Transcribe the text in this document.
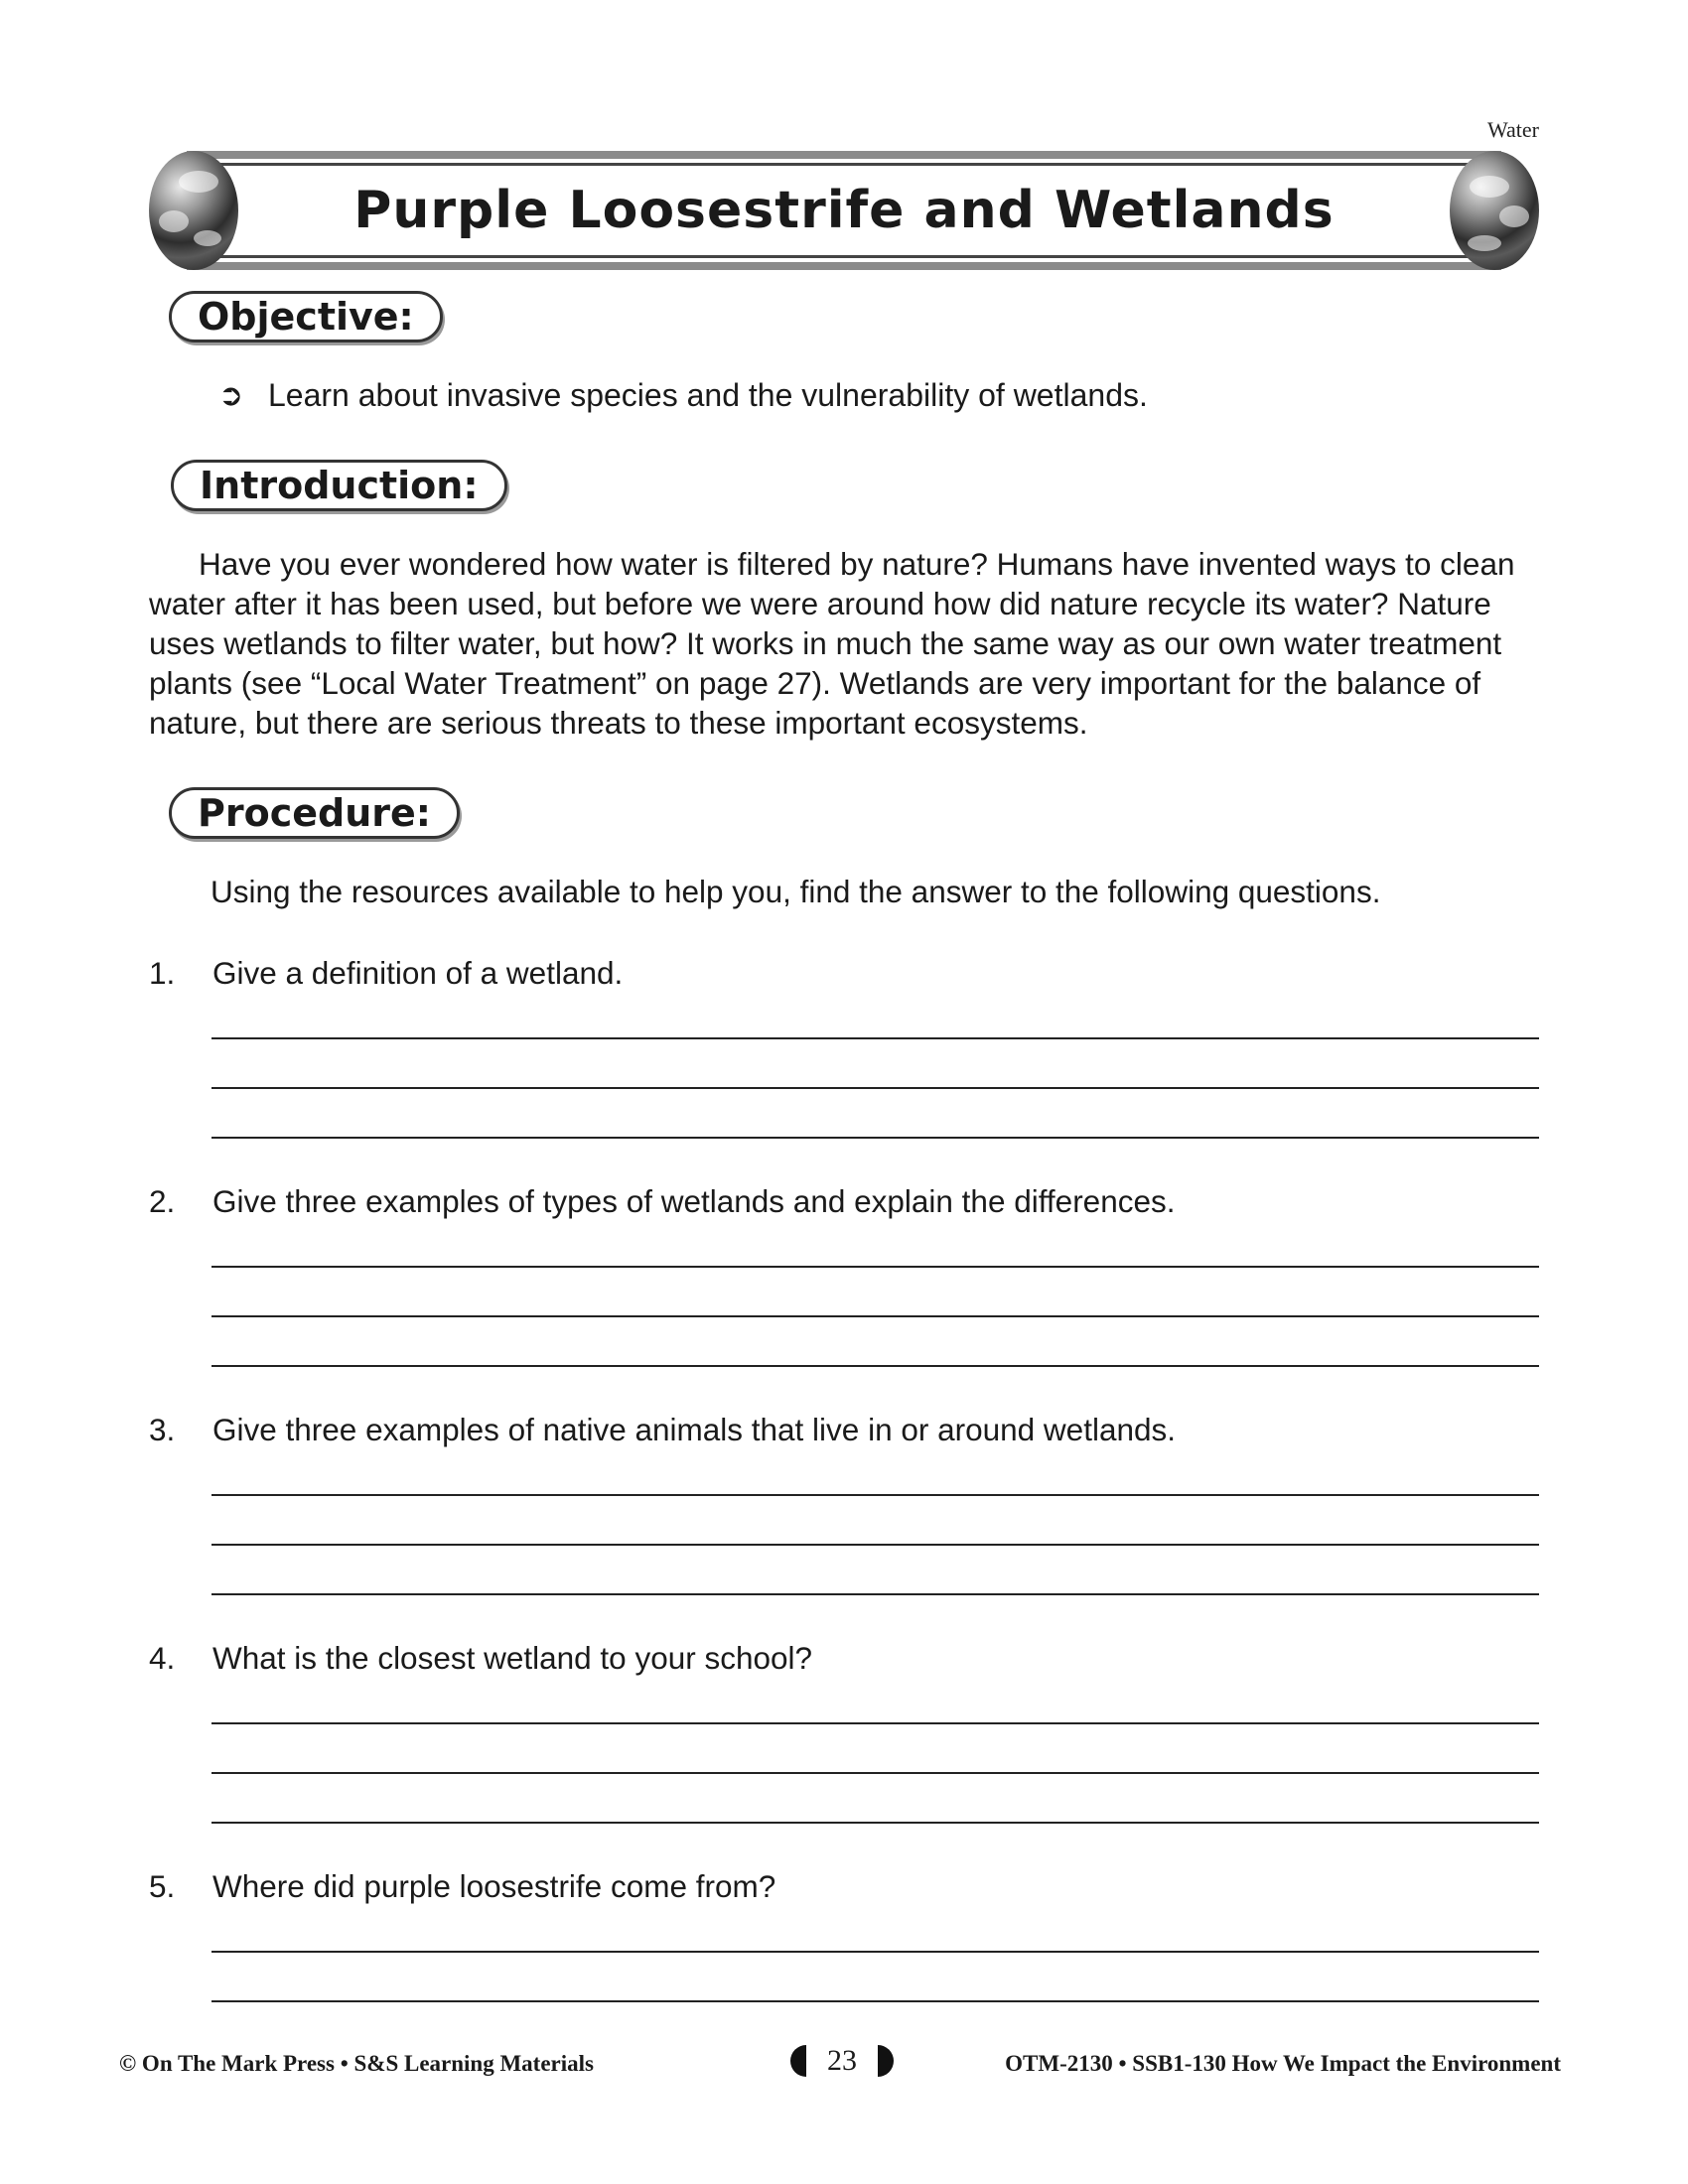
Water
Purple Loosestrife and Wetlands
Objective:
➲ Learn about invasive species and the vulnerability of wetlands.
Introduction:

Have you ever wondered how water is filtered by nature? Humans have invented ways to clean water after it has been used, but before we were around how did nature recycle its water? Nature uses wetlands to filter water, but how? It works in much the same way as our own water treatment plants (see “Local Water Treatment” on page 27). Wetlands are very important for the balance of nature, but there are serious threats to these important ecosystems.

Procedure:
Using the resources available to help you, find the answer to the following questions.
1. Give a definition of a wetland.
2. Give three examples of types of wetlands and explain the differences.
3. Give three examples of native animals that live in or around wetlands.
4. What is the closest wetland to your school?
5. Where did purple loosestrife come from?
© On The Mark Press • S&S Learning Materials	23	OTM-2130 • SSB1-130 How We Impact the Environment
